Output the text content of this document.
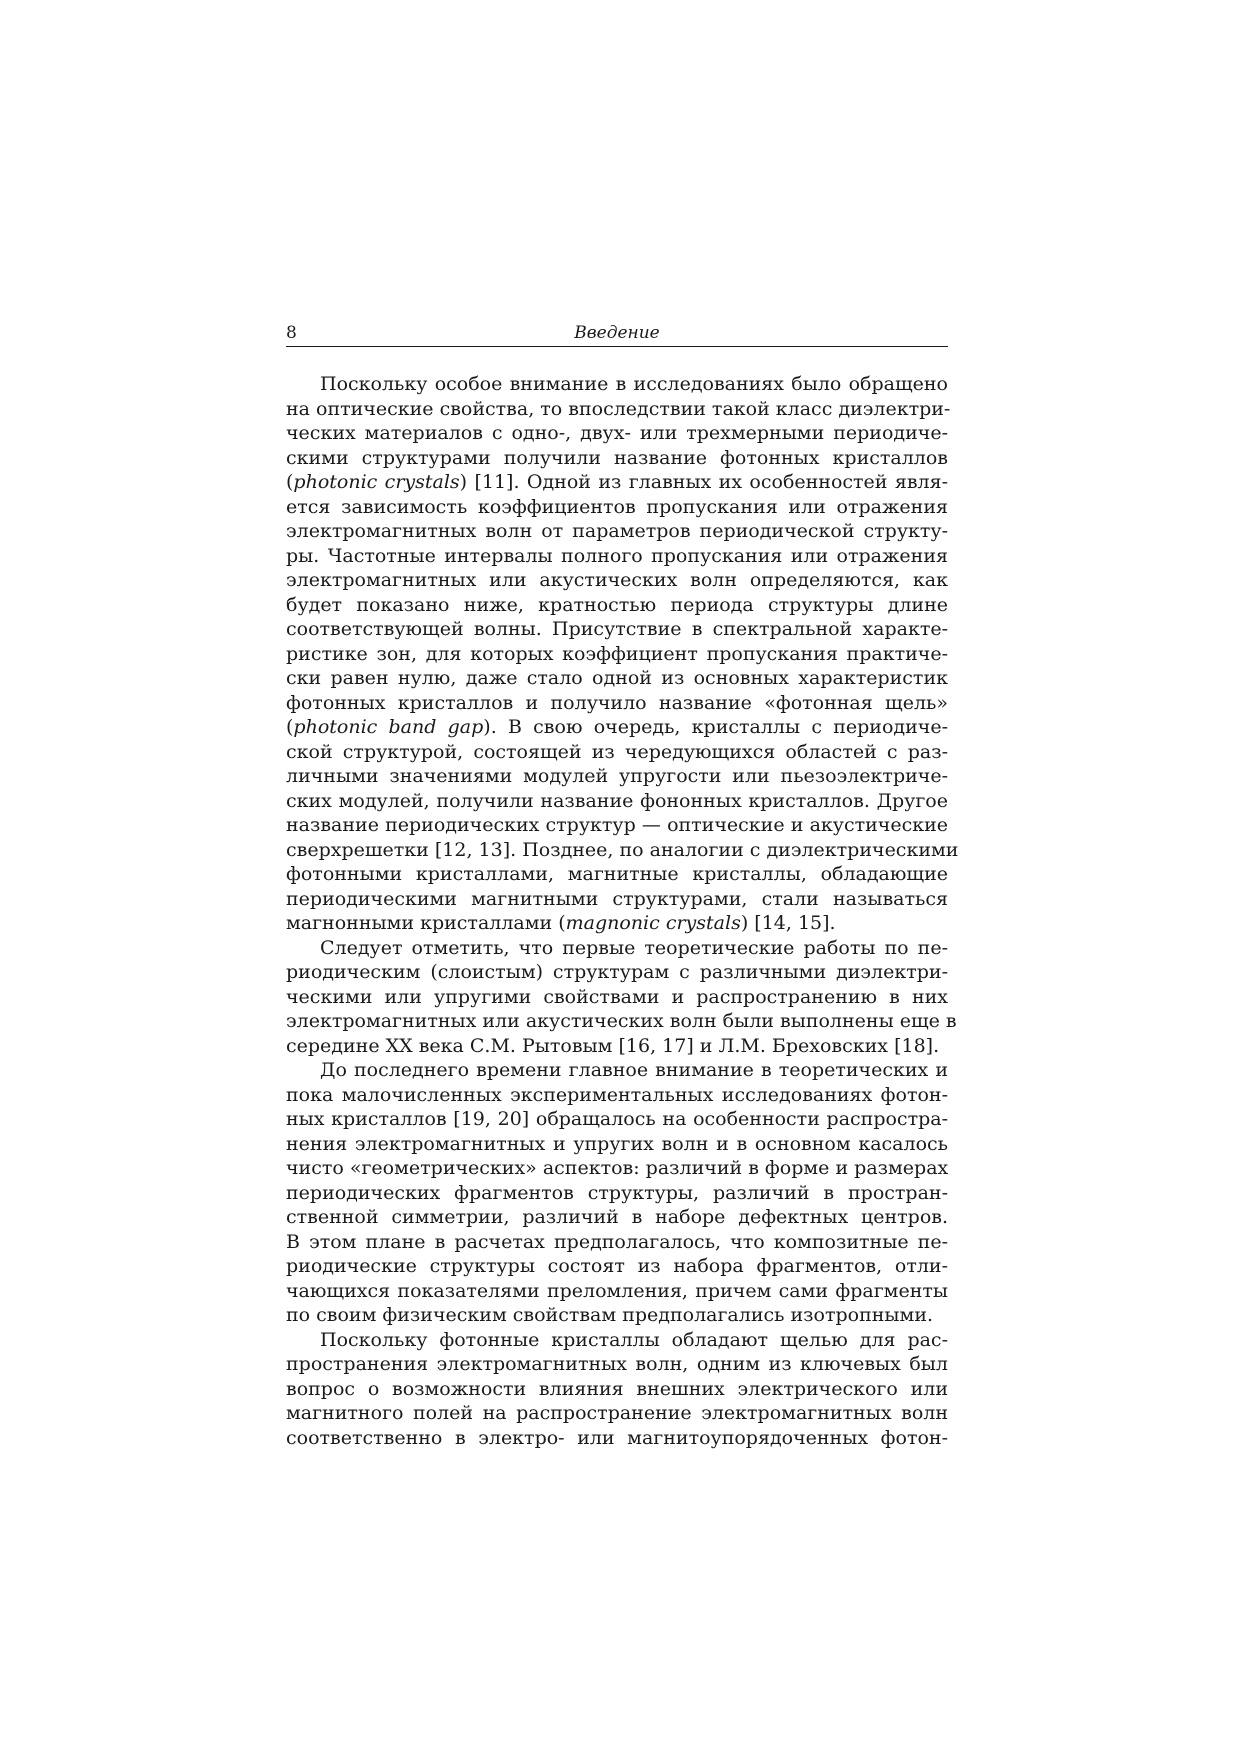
8	Введение
Поскольку особое внимание в исследованиях было обращено
на оптические свойства, то впоследствии такой класс диэлектри-
ческих материалов с одно-, двух- или трехмерными периодиче-
скими структурами получили название фотонных кристаллов
(photonic crystals) [11]. Одной из главных их особенностей явля-
ется зависимость коэффициентов пропускания или отражения
электромагнитных волн от параметров периодической структу-
ры. Частотные интервалы полного пропускания или отражения
электромагнитных или акустических волн определяются, как
будет показано ниже, кратностью периода структуры длине
соответствующей волны. Присутствие в спектральной характе-
ристике зон, для которых коэффициент пропускания практиче-
ски равен нулю, даже стало одной из основных характеристик
фотонных кристаллов и получило название «фотонная щель»
(photonic band gap). В свою очередь, кристаллы с периодиче-
ской структурой, состоящей из чередующихся областей с раз-
личными значениями модулей упругости или пьезоэлектриче-
ских модулей, получили название фононных кристаллов. Другое
название периодических структур — оптические и акустические
сверхрешетки [12, 13]. Позднее, по аналогии с диэлектрическими
фотонными кристаллами, магнитные кристаллы, обладающие
периодическими магнитными структурами, стали называться
магнонными кристаллами (magnonic crystals) [14, 15].
Следует отметить, что первые теоретические работы по пе-
риодическим (слоистым) структурам с различными диэлектри-
ческими или упругими свойствами и распространению в них
электромагнитных или акустических волн были выполнены еще в
середине XX века С.М. Рытовым [16, 17] и Л.М. Бреховских [18].
До последнего времени главное внимание в теоретических и
пока малочисленных экспериментальных исследованиях фотон-
ных кристаллов [19, 20] обращалось на особенности распростра-
нения электромагнитных и упругих волн и в основном касалось
чисто «геометрических» аспектов: различий в форме и размерах
периодических фрагментов структуры, различий в простран-
ственной симметрии, различий в наборе дефектных центров.
В этом плане в расчетах предполагалось, что композитные пе-
риодические структуры состоят из набора фрагментов, отли-
чающихся показателями преломления, причем сами фрагменты
по своим физическим свойствам предполагались изотропными.
Поскольку фотонные кристаллы обладают щелью для рас-
пространения электромагнитных волн, одним из ключевых был
вопрос о возможности влияния внешних электрического или
магнитного полей на распространение электромагнитных волн
соответственно в электро- или магнитоупорядоченных фотон-
